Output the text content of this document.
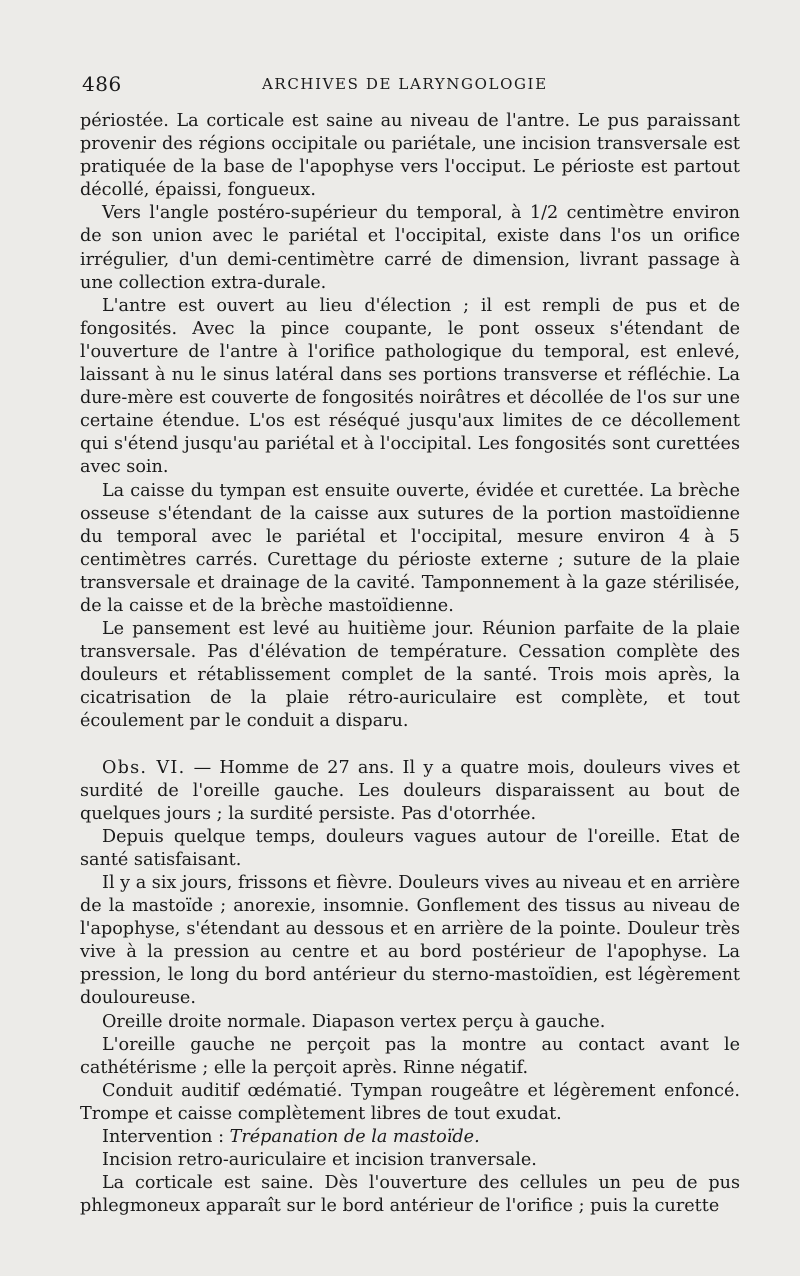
486	ARCHIVES DE LARYNGOLOGIE

périostée. La corticale est saine au niveau de l'antre. Le pus paraissant provenir des régions occipitale ou pariétale, une incision transversale est pratiquée de la base de l'apophyse vers l'occiput. Le périoste est partout décollé, épaissi, fongueux.

Vers l'angle postéro-supérieur du temporal, à 1/2 centimètre environ de son union avec le pariétal et l'occipital, existe dans l'os un orifice irrégulier, d'un demi-centimètre carré de dimension, livrant passage à une collection extra-durale.

L'antre est ouvert au lieu d'élection ; il est rempli de pus et de fongosités. Avec la pince coupante, le pont osseux s'étendant de l'ouverture de l'antre à l'orifice pathologique du temporal, est enlevé, laissant à nu le sinus latéral dans ses portions transverse et réfléchie. La dure-mère est couverte de fongosités noirâtres et décollée de l'os sur une certaine étendue. L'os est réséqué jusqu'aux limites de ce décollement qui s'étend jusqu'au pariétal et à l'occipital. Les fongosités sont curettées avec soin.

La caisse du tympan est ensuite ouverte, évidée et curettée. La brèche osseuse s'étendant de la caisse aux sutures de la portion mastoïdienne du temporal avec le pariétal et l'occipital, mesure environ 4 à 5 centimètres carrés. Curettage du périoste externe ; suture de la plaie transversale et drainage de la cavité. Tamponnement à la gaze stérilisée, de la caisse et de la brèche mastoïdienne.

Le pansement est levé au huitième jour. Réunion parfaite de la plaie transversale. Pas d'élévation de température. Cessation complète des douleurs et rétablissement complet de la santé. Trois mois après, la cicatrisation de la plaie rétro-auriculaire est complète, et tout écoulement par le conduit a disparu.

Obs. VI. — Homme de 27 ans. Il y a quatre mois, douleurs vives et surdité de l'oreille gauche. Les douleurs disparaissent au bout de quelques jours ; la surdité persiste. Pas d'otorrhée.

Depuis quelque temps, douleurs vagues autour de l'oreille. Etat de santé satisfaisant.

Il y a six jours, frissons et fièvre. Douleurs vives au niveau et en arrière de la mastoïde ; anorexie, insomnie. Gonflement des tissus au niveau de l'apophyse, s'étendant au dessous et en arrière de la pointe. Douleur très vive à la pression au centre et au bord postérieur de l'apophyse. La pression, le long du bord antérieur du sterno-mastoïdien, est légèrement douloureuse.

Oreille droite normale. Diapason vertex perçu à gauche.

L'oreille gauche ne perçoit pas la montre au contact avant le cathétérisme ; elle la perçoit après. Rinne négatif.

Conduit auditif œdématié. Tympan rougeâtre et légèrement enfoncé. Trompe et caisse complètement libres de tout exudat.

Intervention : Trépanation de la mastoïde.

Incision retro-auriculaire et incision tranversale.

La corticale est saine. Dès l'ouverture des cellules un peu de pus phlegmoneux apparaît sur le bord antérieur de l'orifice ; puis la curette
